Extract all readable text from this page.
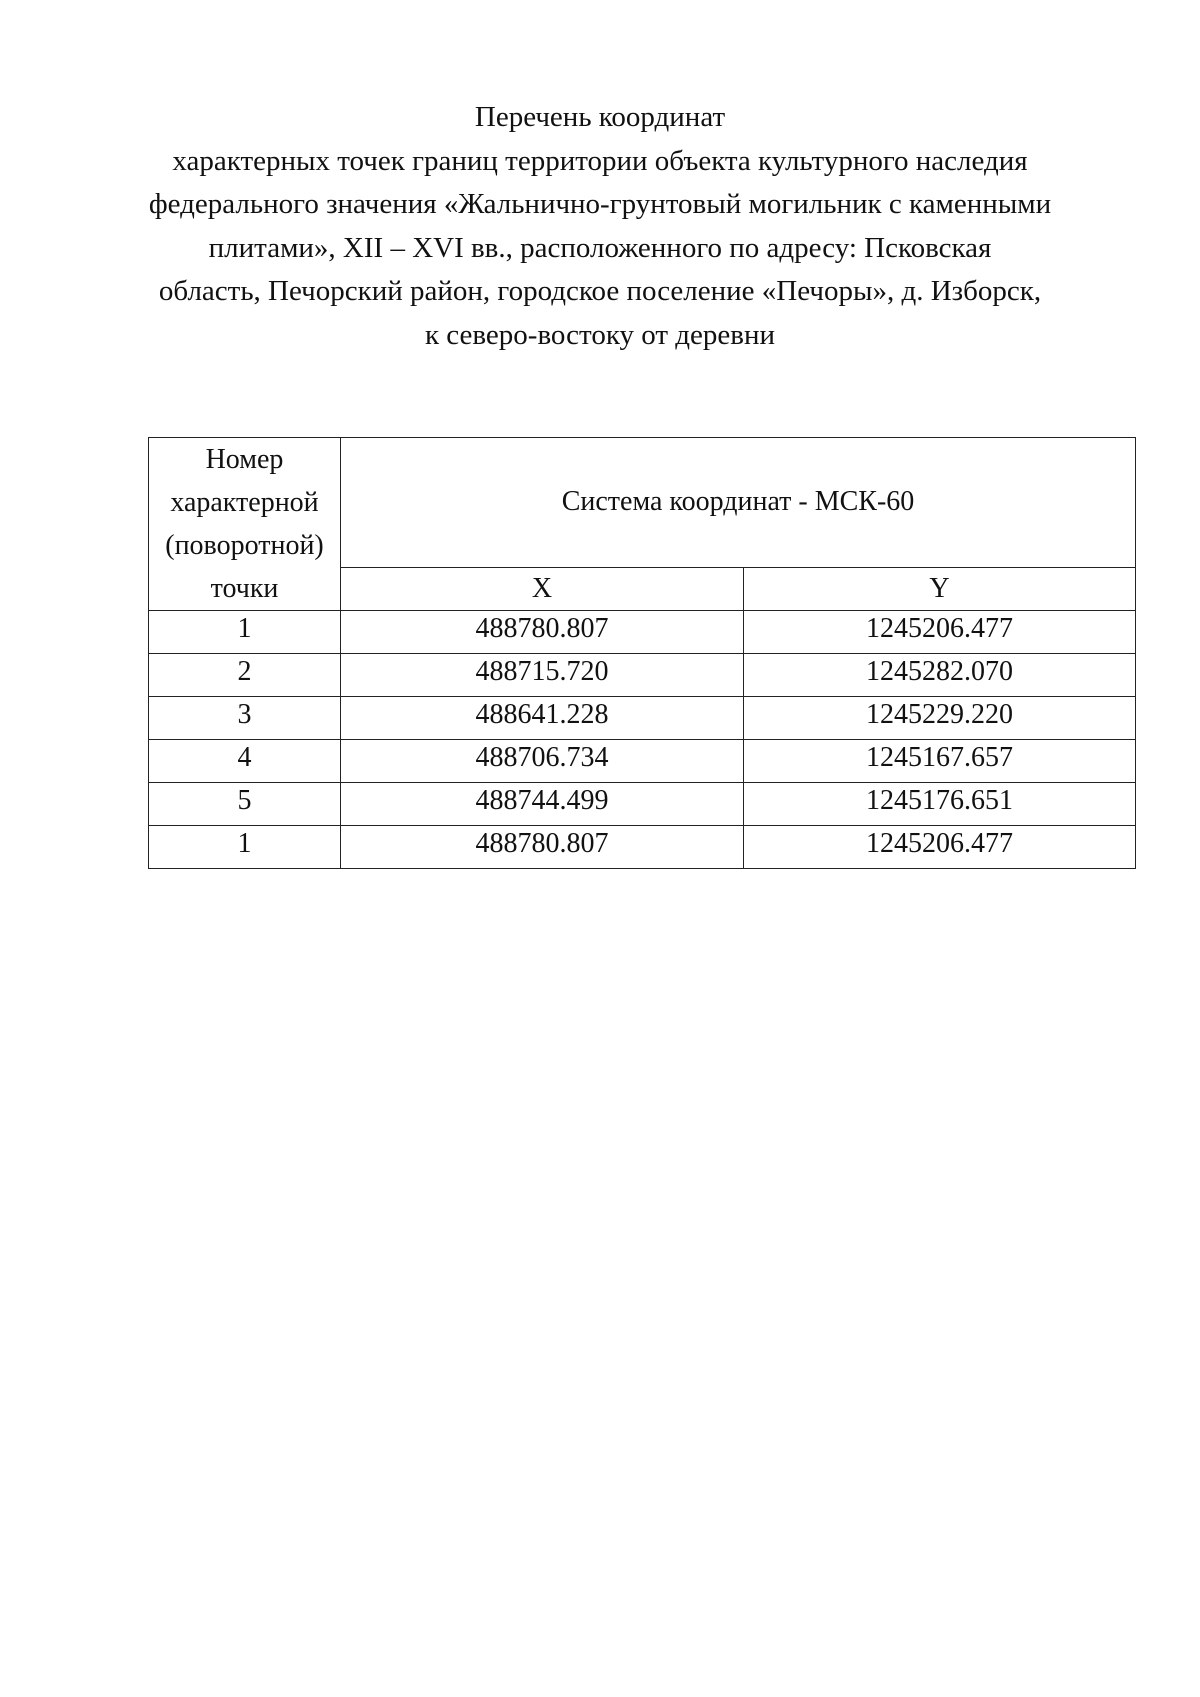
Перечень координат
характерных точек границ территории объекта культурного наследия
федерального значения «Жальнично-грунтовый могильник с каменными
плитами», XII – XVI вв., расположенного по адресу: Псковская
область, Печорский район, городское поселение «Печоры», д. Изборск,
к северо-востоку от деревни
Номер
характерной
(поворотной)
точки	Система координат - МСК-60	
	X	Y
1	488780.807	1245206.477
2	488715.720	1245282.070
3	488641.228	1245229.220
4	488706.734	1245167.657
5	488744.499	1245176.651
1	488780.807	1245206.477
